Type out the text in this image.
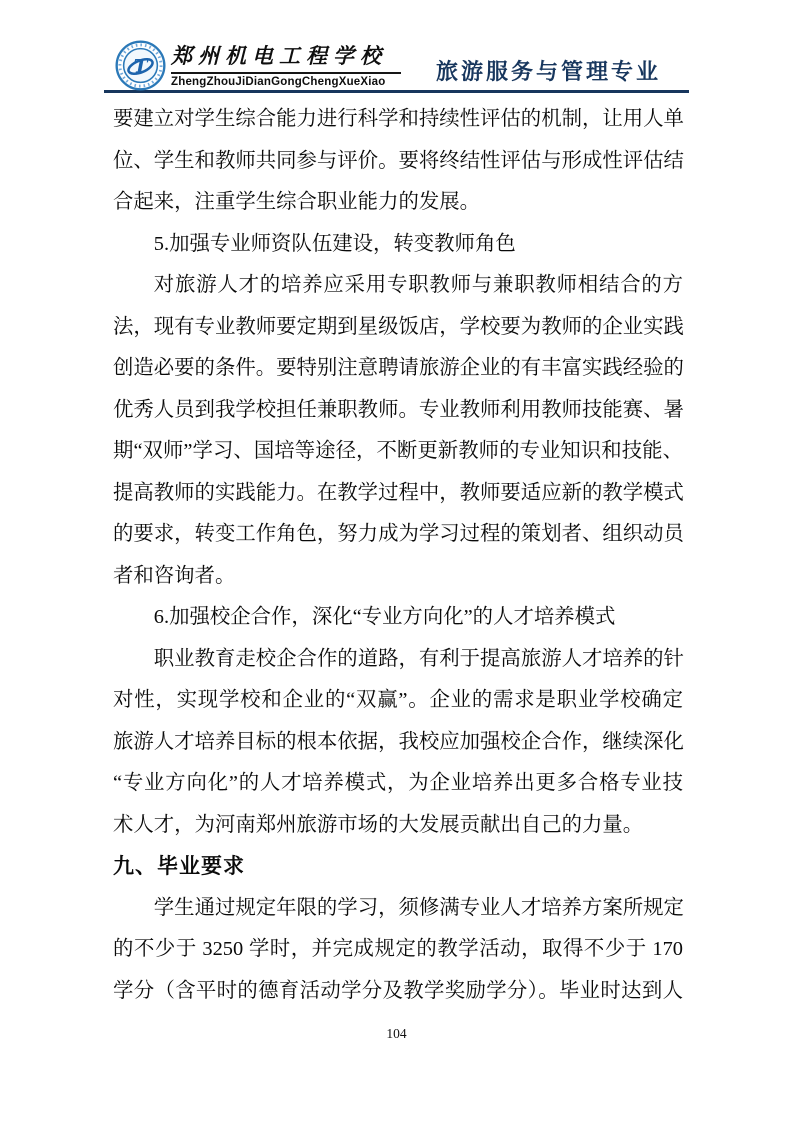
T 郑州机电工程学校
ZhengZhouJiDianGongChengXueXiao	旅游服务与管理专业
要建立对学生综合能力进行科学和持续性评估的机制，让用人单
位、学生和教师共同参与评价。要将终结性评估与形成性评估结
合起来，注重学生综合职业能力的发展。
5.加强专业师资队伍建设，转变教师角色
对旅游人才的培养应采用专职教师与兼职教师相结合的方
法，现有专业教师要定期到星级饭店，学校要为教师的企业实践
创造必要的条件。要特别注意聘请旅游企业的有丰富实践经验的
优秀人员到我学校担任兼职教师。专业教师利用教师技能赛、暑
期“双师”学习、国培等途径，不断更新教师的专业知识和技能、
提高教师的实践能力。在教学过程中，教师要适应新的教学模式
的要求，转变工作角色，努力成为学习过程的策划者、组织动员
者和咨询者。
6.加强校企合作，深化“专业方向化”的人才培养模式
职业教育走校企合作的道路，有利于提高旅游人才培养的针
对性，实现学校和企业的“双赢”。企业的需求是职业学校确定
旅游人才培养目标的根本依据，我校应加强校企合作，继续深化
“专业方向化”的人才培养模式，为企业培养出更多合格专业技
术人才，为河南郑州旅游市场的大发展贡献出自己的力量。
九、毕业要求
学生通过规定年限的学习，须修满专业人才培养方案所规定
的不少于 3250 学时，并完成规定的教学活动，取得不少于 170
学分（含平时的德育活动学分及教学奖励学分）。毕业时达到人
104
